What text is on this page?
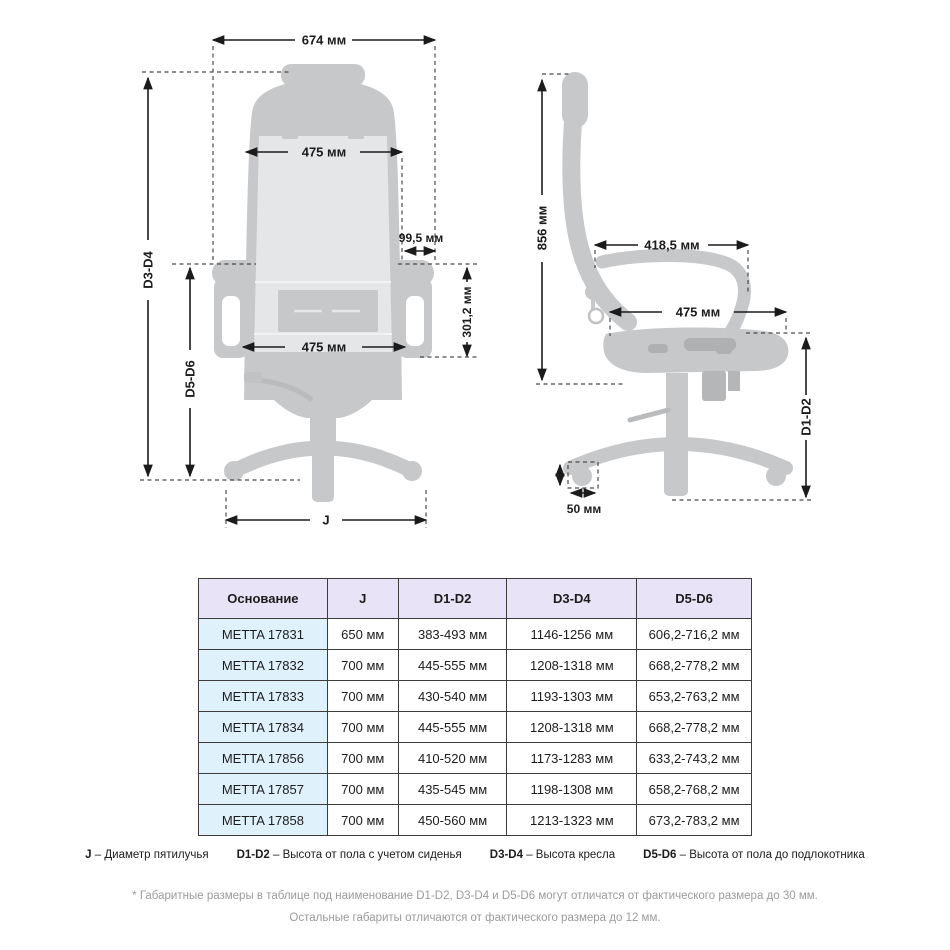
674 мм
D3-D4
D5-D6
475 мм
99,5 мм
301,2 мм
475 мм
J
856 мм	418,5 мм
475 мм
D1-D2
50 мм
Основание	J	D1-D2	D3-D4	D5-D6
METTA 17831	650 мм	383-493 мм	1146-1256 мм	606,2-716,2 мм
METTA 17832	700 мм	445-555 мм	1208-1318 мм	668,2-778,2 мм
METTA 17833	700 мм	430-540 мм	1193-1303 мм	653,2-763,2 мм
METTA 17834	700 мм	445-555 мм	1208-1318 мм	668,2-778,2 мм
METTA 17856	700 мм	410-520 мм	1173-1283 мм	633,2-743,2 мм
METTA 17857	700 мм	435-545 мм	1198-1308 мм	658,2-768,2 мм
METTA 17858	700 мм	450-560 мм	1213-1323 мм	673,2-783,2 мм
J – Диаметр пятилучья D1-D2 – Высота от пола с учетом сиденья D3-D4 – Высота кресла D5-D6 – Высота от пола до подлокотника
* Габаритные размеры в таблице под наименование D1-D2, D3-D4 и D5-D6 могут отличатся от фактического размера до 30 мм.
Остальные габариты отличаются от фактического размера до 12 мм.
